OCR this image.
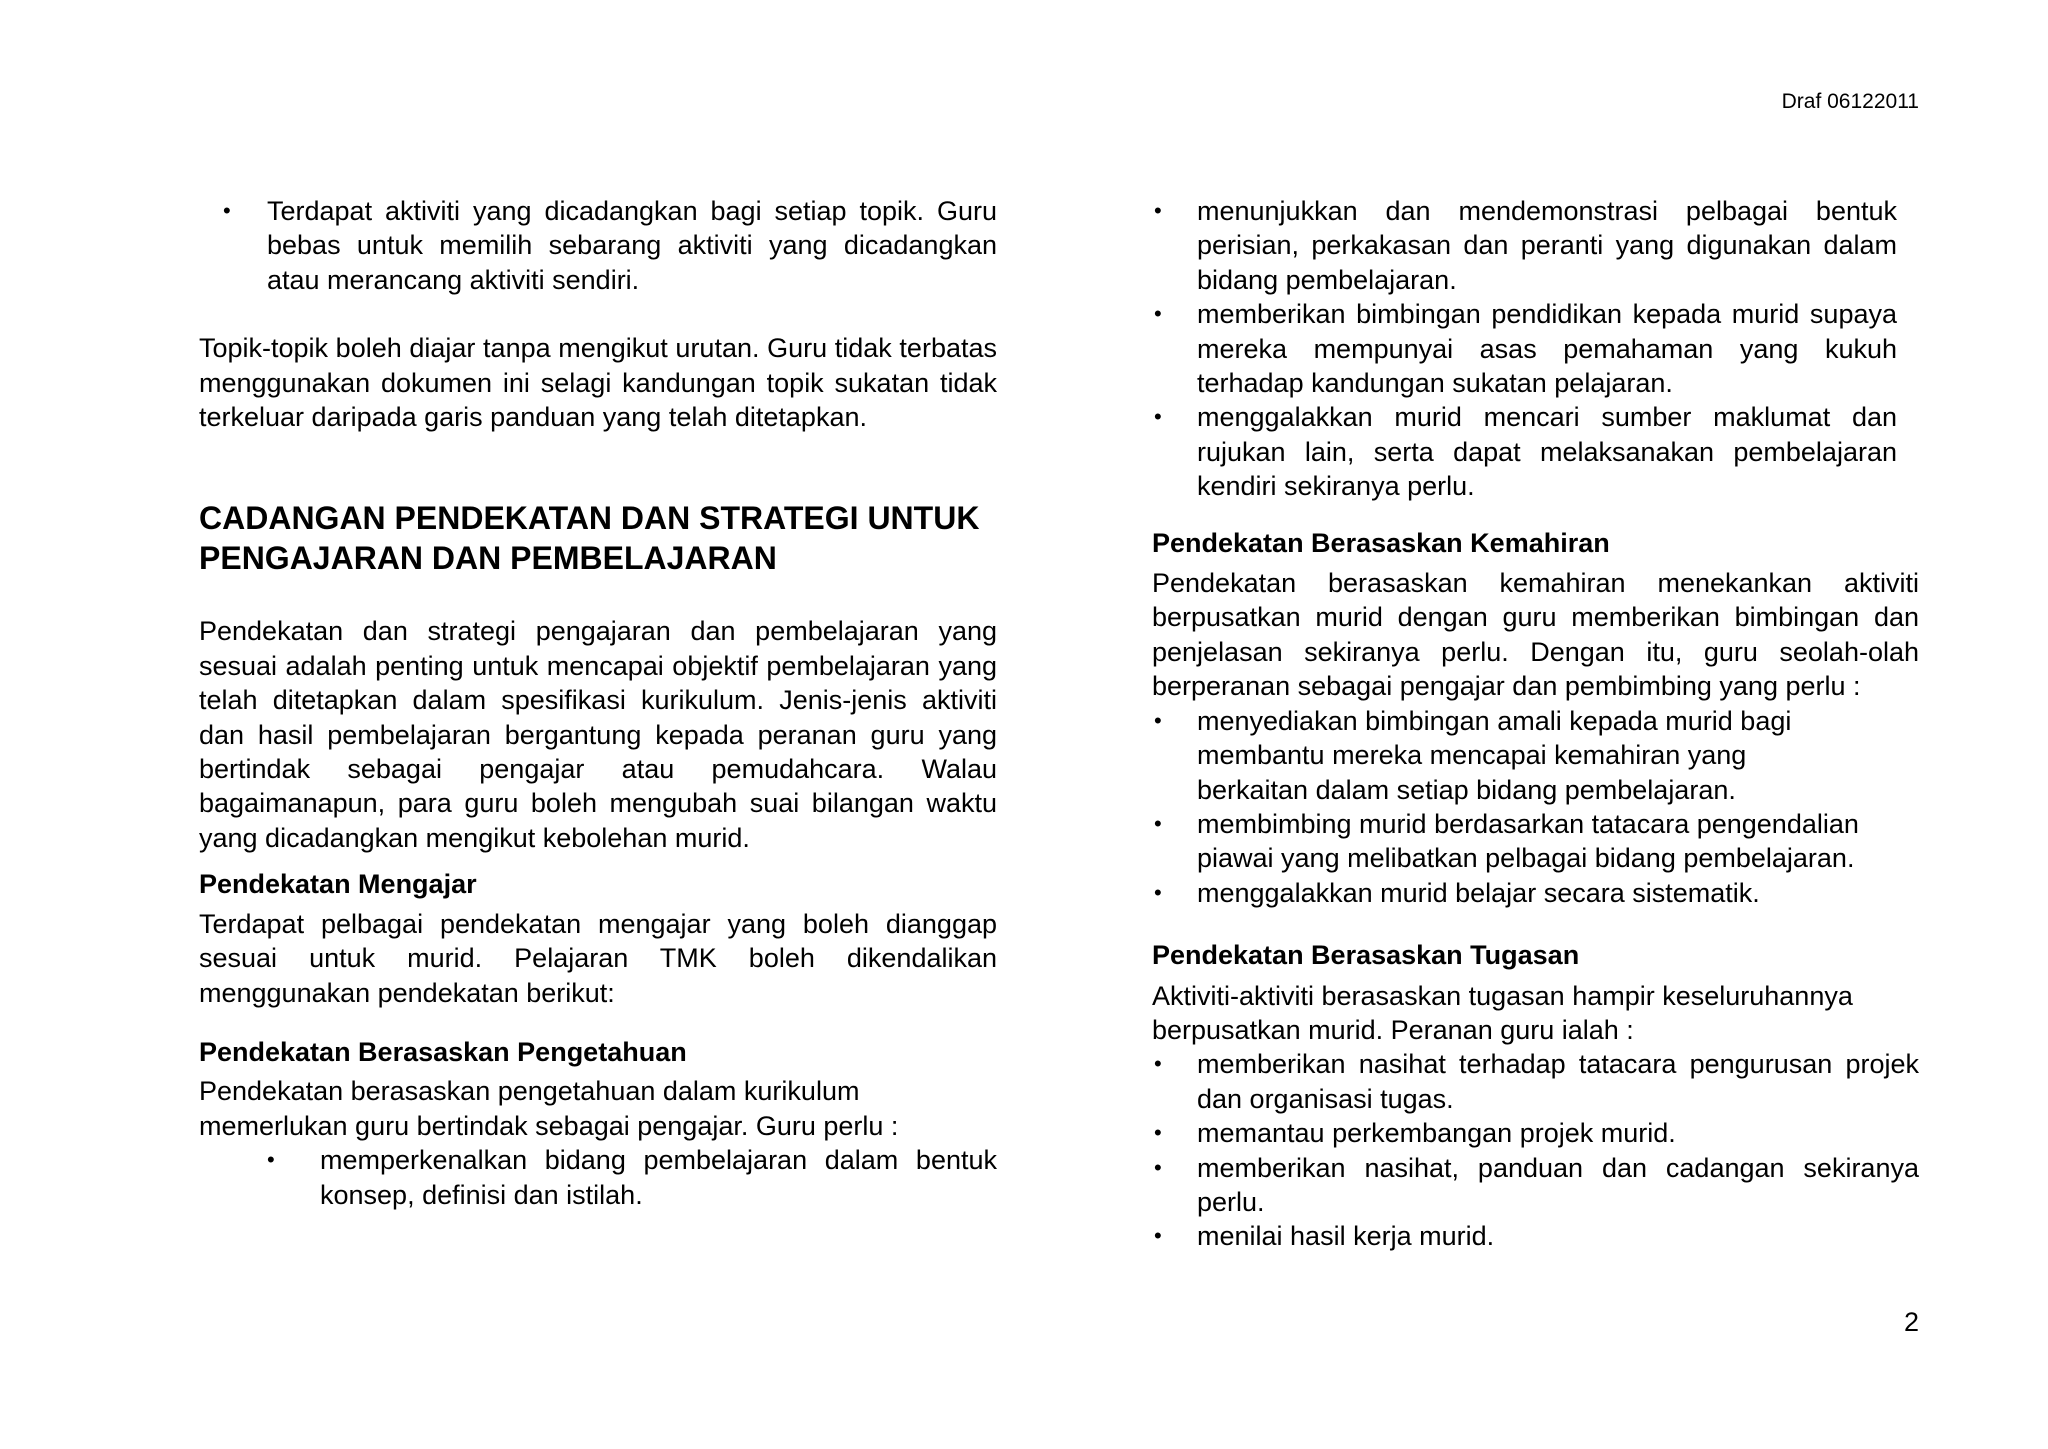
Draf 06122011
• Terdapat aktiviti yang dicadangkan bagi setiap topik. Guru bebas untuk memilih sebarang aktiviti yang dicadangkan atau merancang aktiviti sendiri.

Topik-topik boleh diajar tanpa mengikut urutan. Guru tidak terbatas menggunakan dokumen ini selagi kandungan topik sukatan tidak terkeluar daripada garis panduan yang telah ditetapkan.

CADANGAN PENDEKATAN DAN STRATEGI UNTUK PENGAJARAN DAN PEMBELAJARAN

Pendekatan dan strategi pengajaran dan pembelajaran yang sesuai adalah penting untuk mencapai objektif pembelajaran yang telah ditetapkan dalam spesifikasi kurikulum. Jenis-jenis aktiviti dan hasil pembelajaran bergantung kepada peranan guru yang bertindak sebagai pengajar atau pemudahcara. Walau bagaimanapun, para guru boleh mengubah suai bilangan waktu yang dicadangkan mengikut kebolehan murid.

Pendekatan Mengajar

Terdapat pelbagai pendekatan mengajar yang boleh dianggap sesuai untuk murid. Pelajaran TMK boleh dikendalikan menggunakan pendekatan berikut:

Pendekatan Berasaskan Pengetahuan

Pendekatan berasaskan pengetahuan dalam kurikulum memerlukan guru bertindak sebagai pengajar. Guru perlu :

• memperkenalkan bidang pembelajaran dalam bentuk konsep, definisi dan istilah.
• menunjukkan dan mendemonstrasi pelbagai bentuk perisian, perkakasan dan peranti yang digunakan dalam bidang pembelajaran.
• memberikan bimbingan pendidikan kepada murid supaya mereka mempunyai asas pemahaman yang kukuh terhadap kandungan sukatan pelajaran.
• menggalakkan murid mencari sumber maklumat dan rujukan lain, serta dapat melaksanakan pembelajaran kendiri sekiranya perlu.
Pendekatan Berasaskan Kemahiran

Pendekatan berasaskan kemahiran menekankan aktiviti berpusatkan murid dengan guru memberikan bimbingan dan penjelasan sekiranya perlu. Dengan itu, guru seolah-olah berperanan sebagai pengajar dan pembimbing yang perlu :

• menyediakan bimbingan amali kepada murid bagi membantu mereka mencapai kemahiran yang berkaitan dalam setiap bidang pembelajaran.
• membimbing murid berdasarkan tatacara pengendalian piawai yang melibatkan pelbagai bidang pembelajaran.
• menggalakkan murid belajar secara sistematik.
Pendekatan Berasaskan Tugasan

Aktiviti-aktiviti berasaskan tugasan hampir keseluruhannya berpusatkan murid. Peranan guru ialah :

• memberikan nasihat terhadap tatacara pengurusan projek dan organisasi tugas.
• memantau perkembangan projek murid.
• memberikan nasihat, panduan dan cadangan sekiranya perlu.
• menilai hasil kerja murid.
2
